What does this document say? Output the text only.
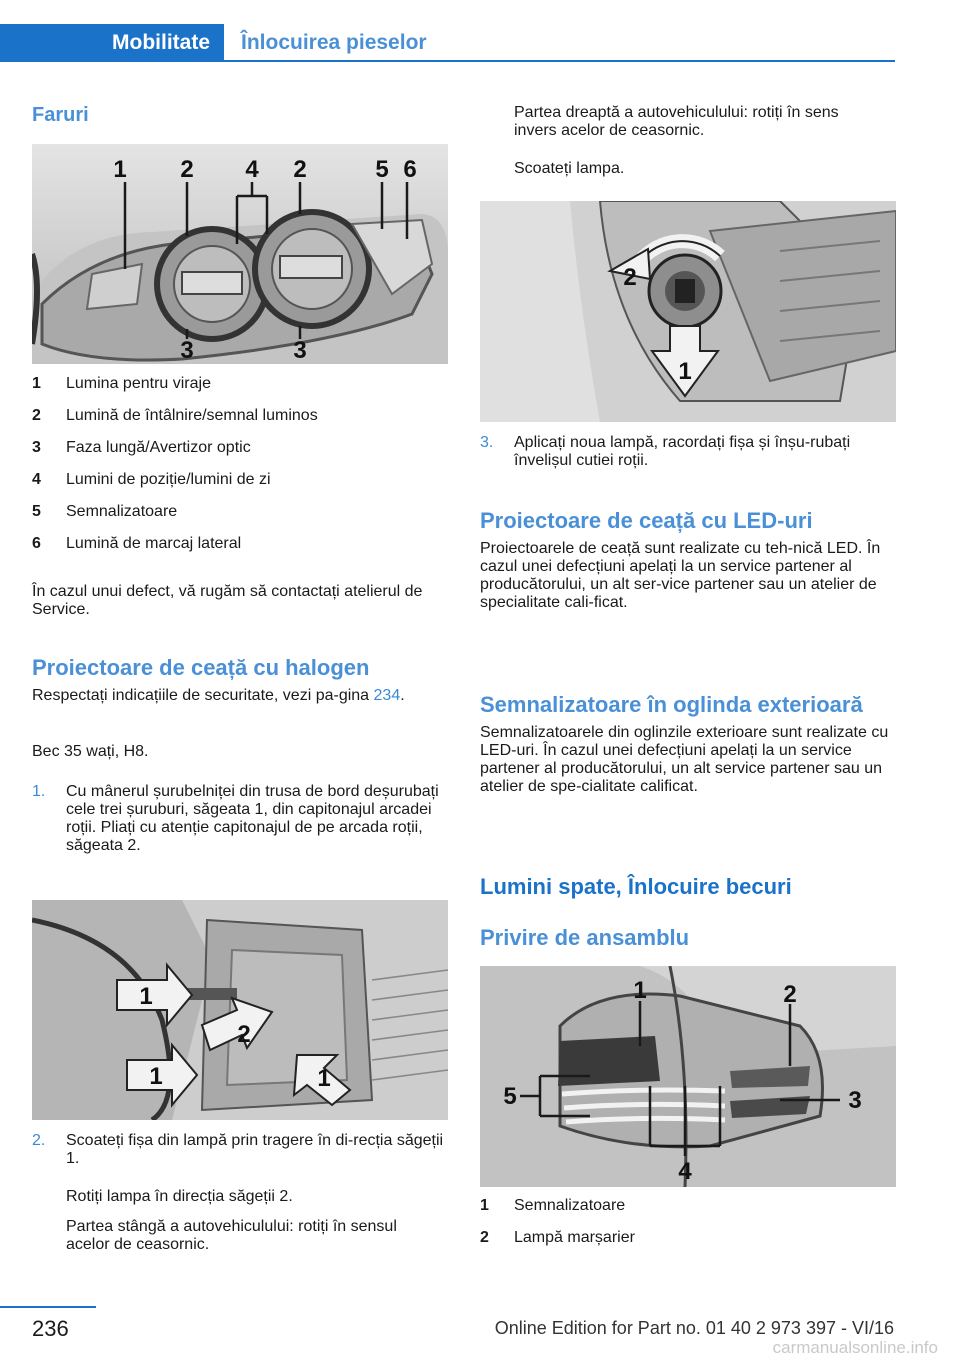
Mobilitate	Înlocuirea pieselor
Faruri
1 2 4 2	5 6
3	3
1 Lumina pentru viraje
2 Lumină de întâlnire/semnal luminos
3 Faza lungă/Avertizor optic
4 Lumini de poziție/lumini de zi
5 Semnalizatoare
6 Lumină de marcaj lateral
În cazul unui defect, vă rugăm să contactați atelierul de Service.
Proiectoare de ceață cu halogen
Respectați indicațiile de securitate, vezi pa‐gina 234.
Bec 35 wați, H8.
1. Cu mânerul șurubelniței din trusa de bord deșurubați cele trei șuruburi, săgeata 1, din capitonajul arcadei roții. Pliați cu atenție capitonajul de pe arcada roții, săgeata 2.
1
2
1	1
2. Scoateți fișa din lampă prin tragere în di‐recția săgeții 1.
Rotiți lampa în direcția săgeții 2.
Partea stângă a autovehiculului: rotiți în sensul acelor de ceasornic.
Partea dreaptă a autovehiculului: rotiți în sens invers acelor de ceasornic.
Scoateți lampa.
2
1
3. Aplicați noua lampă, racordați fișa și înșu‐rubați învelișul cutiei roții.
Proiectoare de ceață cu LED-uri
Proiectoarele de ceață sunt realizate cu teh‐nică LED. În cazul unei defecțiuni apelați la un service partener al producătorului, un alt ser‐vice partener sau un atelier de specialitate cali‐ficat.
Semnalizatoare în oglinda exterioară
Semnalizatoarele din oglinzile exterioare sunt realizate cu LED-uri. În cazul unei defecțiuni apelați la un service partener al producătorului, un alt service partener sau un atelier de spe‐cialitate calificat.
Lumini spate, Înlocuire becuri
Privire de ansamblu
1	2
5	3
4
1 Semnalizatoare
2 Lampă marșarier
236	Online Edition for Part no. 01 40 2 973 397 - VI/16
carmanualsonline.info
